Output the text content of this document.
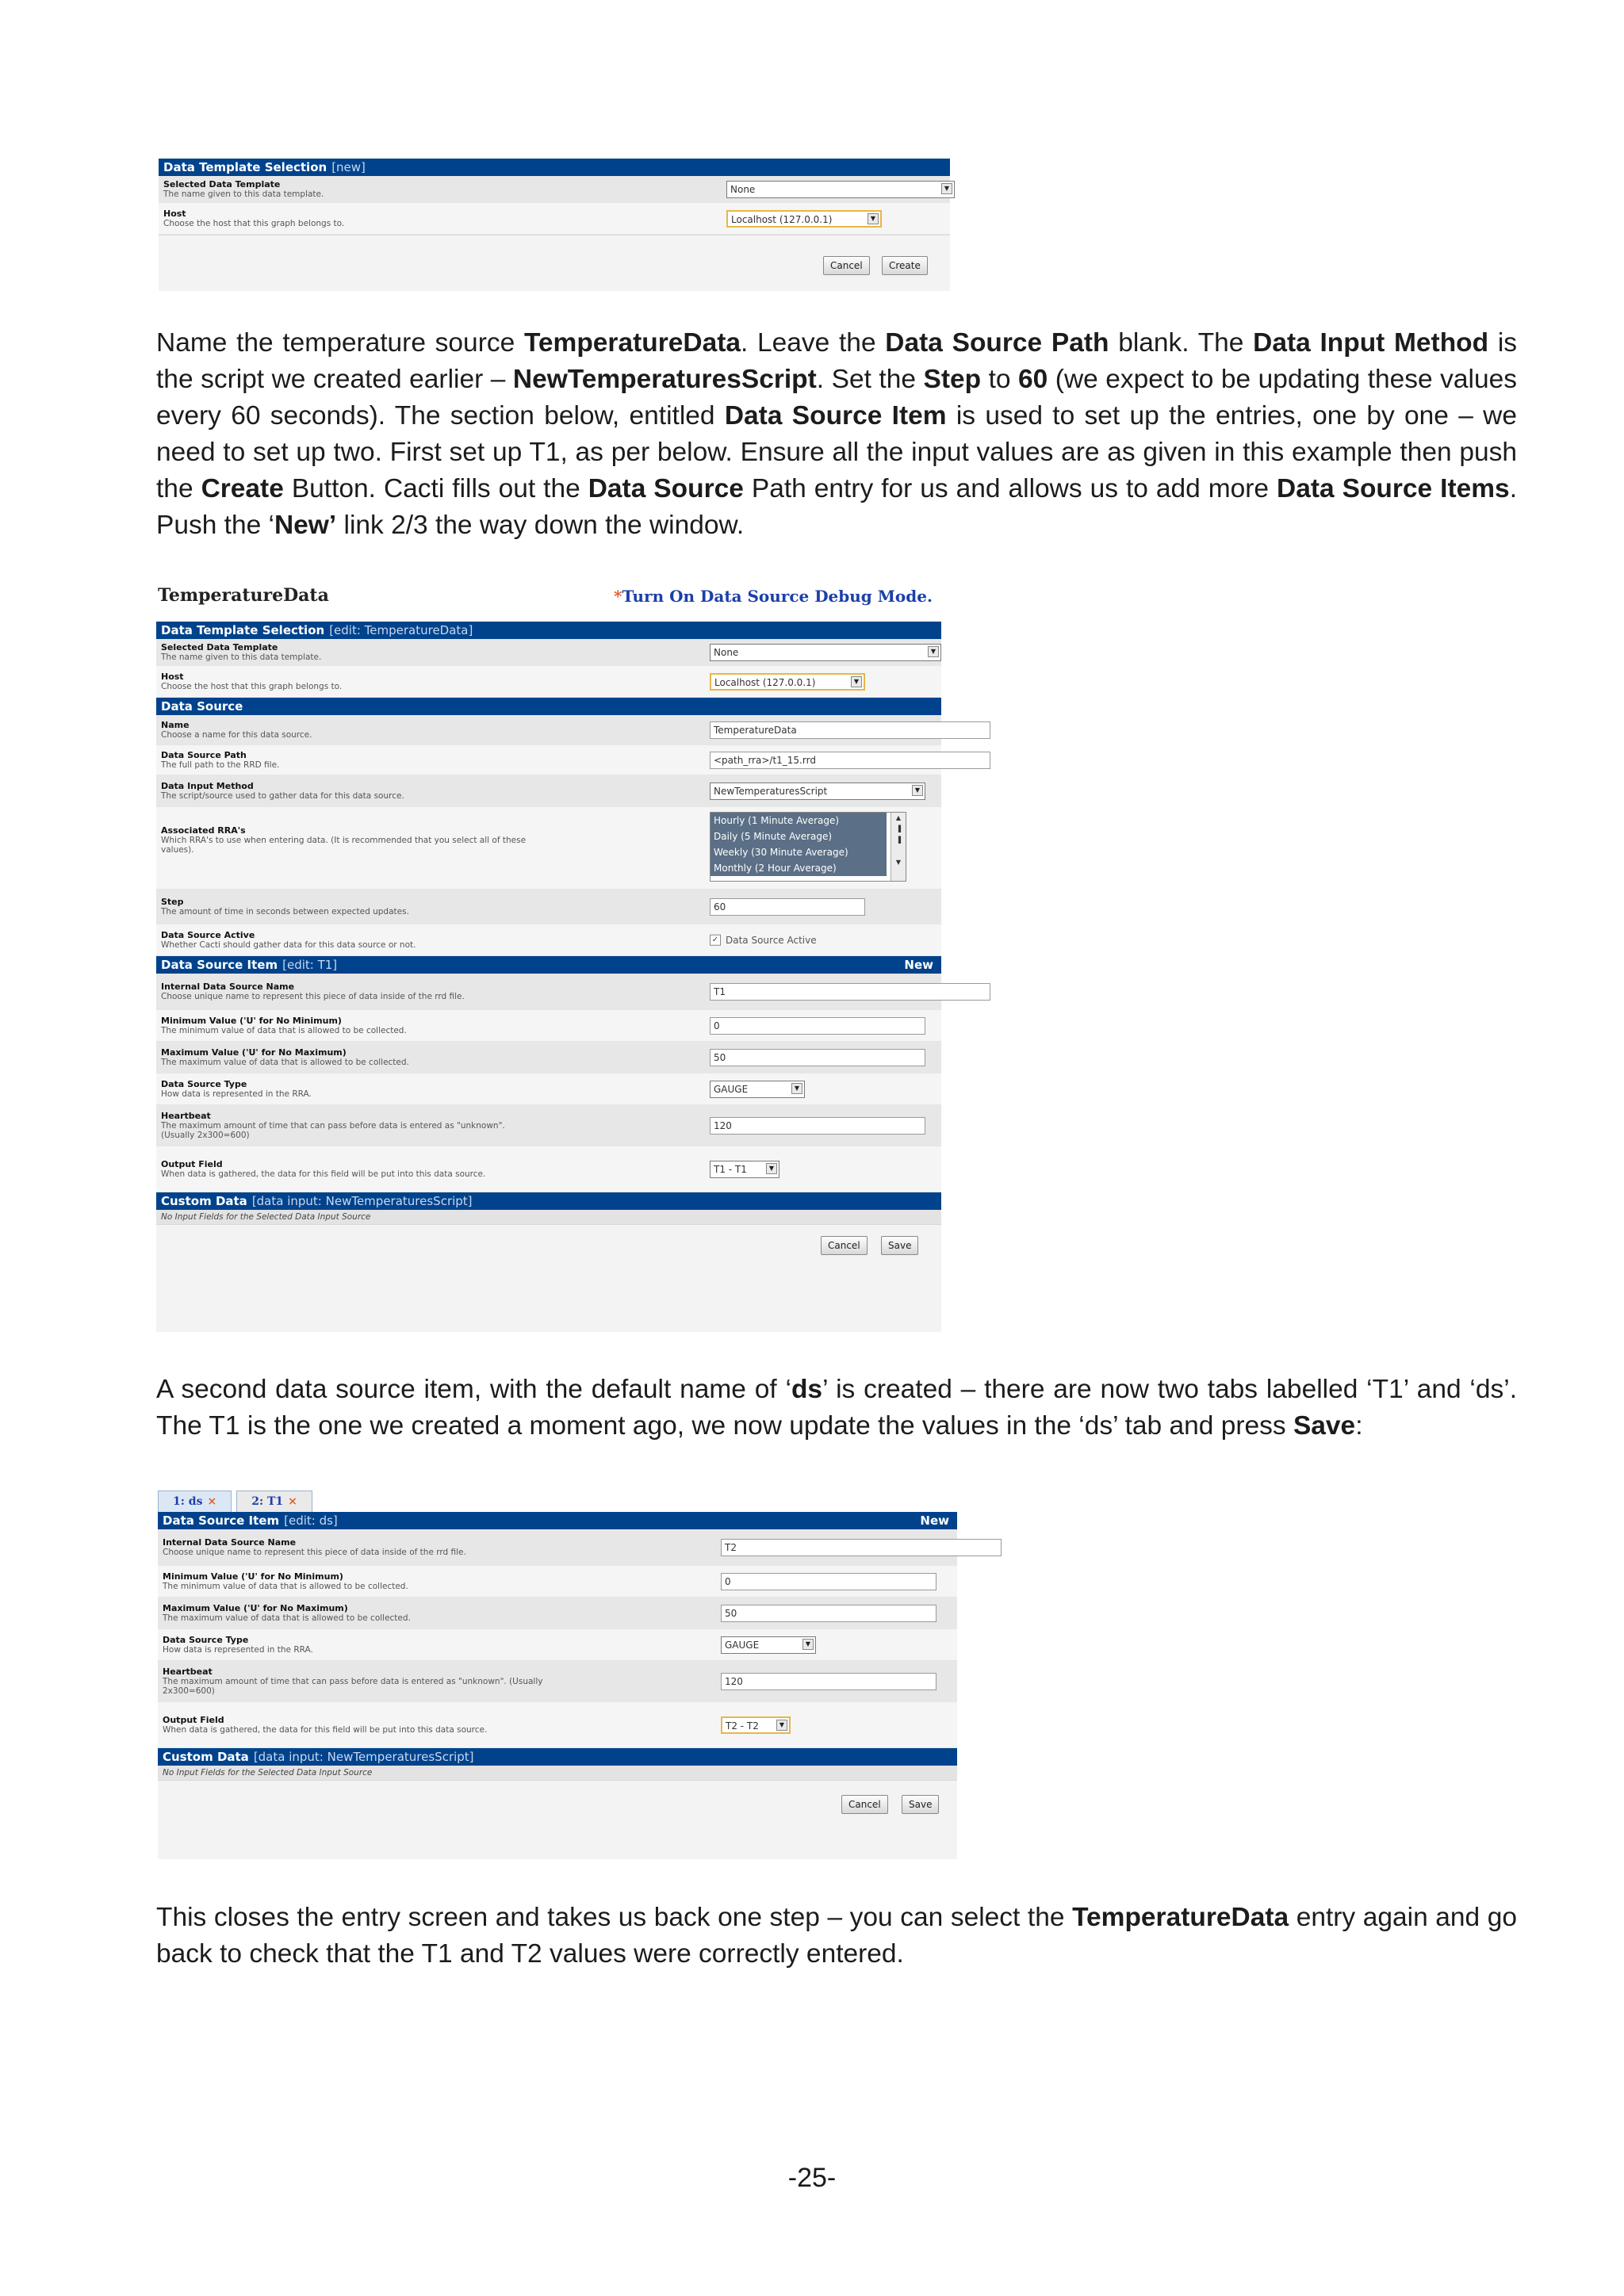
Data Template Selection [new]
Selected Data Template
The name given to this data template.	None	▼
Host
Choose the host that this graph belongs to.	Localhost (127.0.0.1)	▼
Cancel	Create

Name the temperature source TemperatureData. Leave the Data Source Path blank. The Data Input Method is the script we created earlier – NewTemperaturesScript. Set the Step to 60 (we expect to be updating these values every 60 seconds). The section below, entitled Data Source Item is used to set up the entries, one by one – we need to set up two. First set up T1, as per below. Ensure all the input values are as given in this example then push the Create Button. Cacti fills out the Data Source Path entry for us and allows us to add more Data Source Items. Push the ‘New’ link 2/3 the way down the window.

TemperatureData	*Turn On Data Source Debug Mode.
Data Template Selection [edit: TemperatureData]
Selected Data Template
The name given to this data template.	None	▼
Host
Choose the host that this graph belongs to.	Localhost (127.0.0.1)	▼
Data Source
Name
Choose a name for this data source.	TemperatureData
Data Source Path
The full path to the RRD file.	<path_rra>/t1_15.rrd
Data Input Method
The script/source used to gather data for this data source.	NewTemperaturesScript	▼
Associated RRA's
Which RRA's to use when entering data. (It is recommended that you select all of these values).
Hourly (1 Minute Average)
Daily (5 Minute Average)
Weekly (30 Minute Average)
Monthly (2 Hour Average)
▲
▐
▐
▼
Step
The amount of time in seconds between expected updates.	60
Data Source Active
Whether Cacti should gather data for this data source or not.
✓ Data Source Active
Data Source Item [edit: T1]	New
Internal Data Source Name
Choose unique name to represent this piece of data inside of the rrd file.	T1
Minimum Value ('U' for No Minimum)
The minimum value of data that is allowed to be collected.	0
Maximum Value ('U' for No Maximum)
The maximum value of data that is allowed to be collected.	50
Data Source Type
How data is represented in the RRA.	GAUGE	▼
Heartbeat
The maximum amount of time that can pass before data is entered as "unknown". (Usually 2x300=600)
120
Output Field
When data is gathered, the data for this field will be put into this data source.	T1 - T1	▼
Custom Data [data input: NewTemperaturesScript]
No Input Fields for the Selected Data Input Source
Cancel	Save

A second data source item, with the default name of ‘ds’ is created – there are now two tabs labelled ‘T1’ and ‘ds’. The T1 is the one we created a moment ago, we now update the values in the ‘ds’ tab and press Save:

1: ds ×	2: T1 ×
Data Source Item [edit: ds]	New
Internal Data Source Name
Choose unique name to represent this piece of data inside of the rrd file.	T2
Minimum Value ('U' for No Minimum)
The minimum value of data that is allowed to be collected.	0
Maximum Value ('U' for No Maximum)
The maximum value of data that is allowed to be collected.	50
Data Source Type
How data is represented in the RRA.	GAUGE	▼
Heartbeat
The maximum amount of time that can pass before data is entered as "unknown". (Usually 2x300=600)
120
Output Field
When data is gathered, the data for this field will be put into this data source.	T2 - T2	▼
Custom Data [data input: NewTemperaturesScript]
No Input Fields for the Selected Data Input Source
Cancel	Save

This closes the entry screen and takes us back one step – you can select the TemperatureData entry again and go back to check that the T1 and T2 values were correctly entered.

-25-
